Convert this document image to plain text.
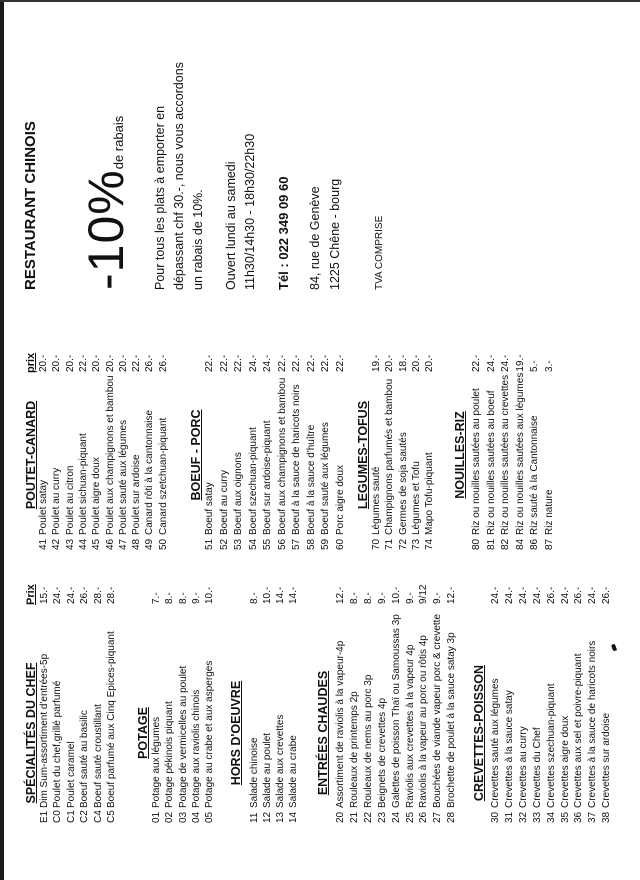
Prix
prix
RESTAURANT CHINOIS -10%de rabais	Pour tous les plats à emporter en dépassant chf 30.-, nous vous accordons un rabais de 10%. Ouvert lundi au samedi 11h30/14h30 - 18h30/22h30 Tél : 022 349 09 60 84, rue de Genève 1225 Chêne - bourg	TVA COMPRISE
SPÉCIALITÉS DU CHEF
E1
Dim Sum-assortiment d'entrées-5p
15.-
C0
Poulet du chef,grillé parfumé
24.-
C1
Poulet caramel
24.-
C2
Boeuf sauté au basilic
26.-
C4
Boeuf sauté croustillant
28.-
C5
Boeuf parfumé aux Cinq Epices-piquant
28.-
POTAGE
01
Potage aux légumes
7.-
02
Potage pékinois piquant
8.-
03
Potage de vermicelles au poulet
8.-
04
Potage aux raviolis chinois
9.-
05
Potage au crabe et aux asperges
10.-
HORS D'OEUVRE
11
Salade chinoise
8.-
12
Salade au poulet
10.-
13
Salade aux crevettes
14.-
14
Salade au crabe
14.-
ENTRÉES CHAUDES
20
Assortiment de raviolis à la vapeur-4p
12.-
21
Rouleaux de printemps 2p
8.-
22
Rouleaux de nems au porc 3p
8.-
23
Beignets de crevettes 4p
9.-
24
Galettes de poisson Thaï ou Samoussas 3p
10.-
25
Raviolis aux crevettes à la vapeur 4p
9.-
26
Raviolis à la vapeur au porc ou rôtis 4p
9/12
27
Bouchées de viande vapeur porc & crevette
9.-
28
Brochette de poulet à la sauce satay 3p
12.-
CREVETTES-POISSON
30
Crevettes sauté aux légumes
24.-
31
Crevettes à la sauce satay
24.-
32
Crevettes au curry
24.-
33
Crevettes du Chef
24.-
34
Crevettes szechuan-piquant
26.-
35
Crevettes aigre doux
24.-
36
Crevettes aux sel et poivre-piquant
26.-
37
Crevettes à la sauce de haricots noirs
24.-
38
Crevettes sur ardoise
26.-
POUTET-CANARD
41
Poulet satay
20.-
42
Poulet au curry
20.-
43
Poulet au citron
20.-
44
Poulet sichuan-piquant
22.-
45
Poulet aigre doux
20.-
46
Poulet aux champignons et bambou
20.-
47
Poulet sauté aux légumes
20.-
48
Poulet sur ardoise
22.-
49
Canard rôti à la cantonnaise
26.-
50
Canard szetchuan-piquant
26.-
BOEUF - PORC
51
Boeuf satay
22.-
52
Boeuf au curry
22.-
53
Boeuf aux oignons
22.-
54
Boeuf szechuan-piquant
24.-
55
Boeuf sur ardoise-piquant
24.-
56
Boeuf aux champignons et bambou
22.-
57
Boeuf à la sauce de haricots noirs
22.-
58
Boeuf à la sauce d'huître
22.-
59
Boeuf sauté aux légumes
22.-
60
Porc aigre doux
22.-
LEGUMES-TOFUS
70
Légumes sauté
19.-
71
Champignons parfumés et bambou
20.-
72
Germes de soja sautés
18.-
73
Légumes et Tofu
20.-
74
Mapo Tofu-piquant
20.-
NOUILLES-RIZ
80
Riz ou nouilles sautées au poulet
22.-
81
Riz ou nouilles sautées au boeuf
24.-
82
Riz ou nouilles sautées au crevettes
24.-
84
Riz ou nouilles sautées aux lègumes
19.-
86
Riz sauté à la Cantonnaise
5.-
87
Riz nature
3.-
